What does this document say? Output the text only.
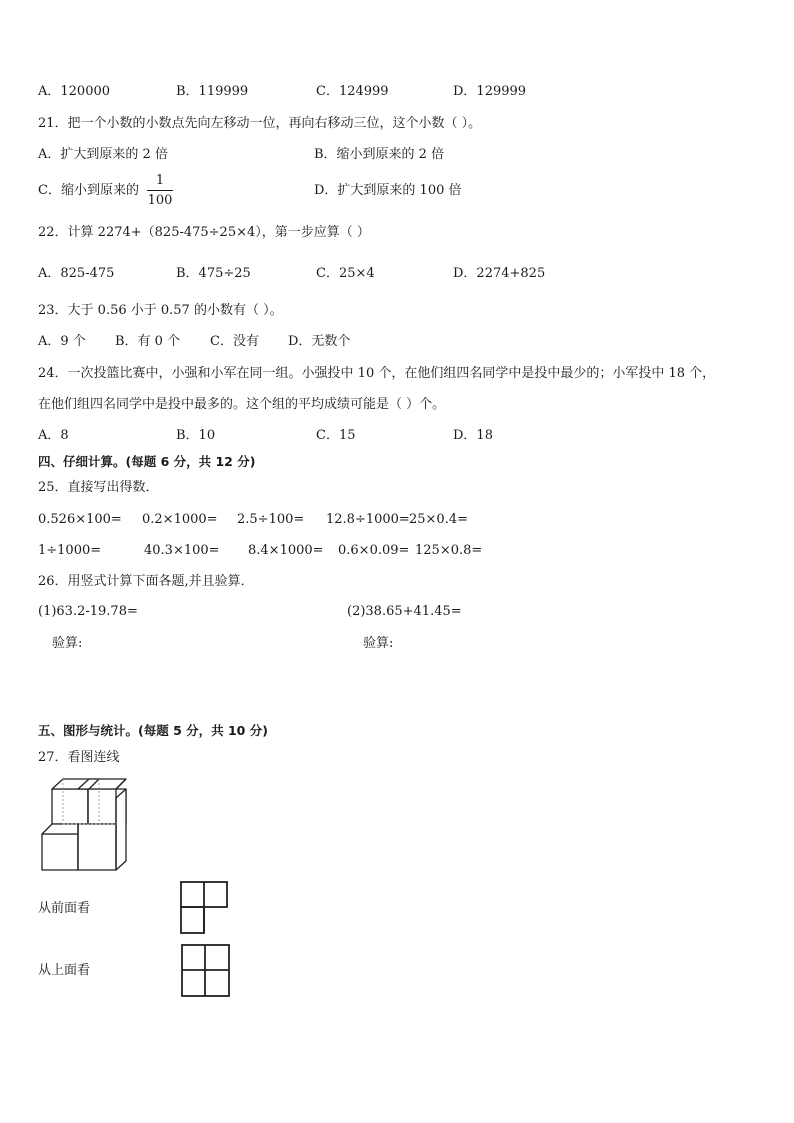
A．120000	B．119999	C．124999	D．129999
21．把一个小数的小数点先向左移动一位，再向右移动三位，这个小数（ ）。
A．扩大到原来的 2 倍	B．缩小到原来的 2 倍
C．缩小到原来的
1
100
D．扩大到原来的 100 倍
22．计算 2274+（825-475÷25×4），第一步应算（ ）
A．825-475	B．475÷25	C．25×4	D．2274+825
23．大于 0.56 小于 0.57 的小数有（ ）。
A．9 个 B．有 0 个 C．没有 D．无数个
24．一次投篮比赛中，小强和小军在同一组。小强投中 10 个，在他们组四名同学中是投中最少的；小军投中 18 个，
在他们组四名同学中是投中最多的。这个组的平均成绩可能是（ ）个。
A．8	B．10	C．15	D．18
四、仔细计算。(每题 6 分，共 12 分)
25．直接写出得数．
0.526×100= 0.2×1000= 2.5÷100= 12.8÷1000= 25×0.4=
1÷1000=	40.3×100= 8.4×1000= 0.6×0.09= 125×0.8=
26．用竖式计算下面各题,并且验算．
(1)63.2-19.78=	(2)38.65+41.45=
验算:	验算:
五、图形与统计。(每题 5 分，共 10 分)
27．看图连线
从前面看
从上面看
